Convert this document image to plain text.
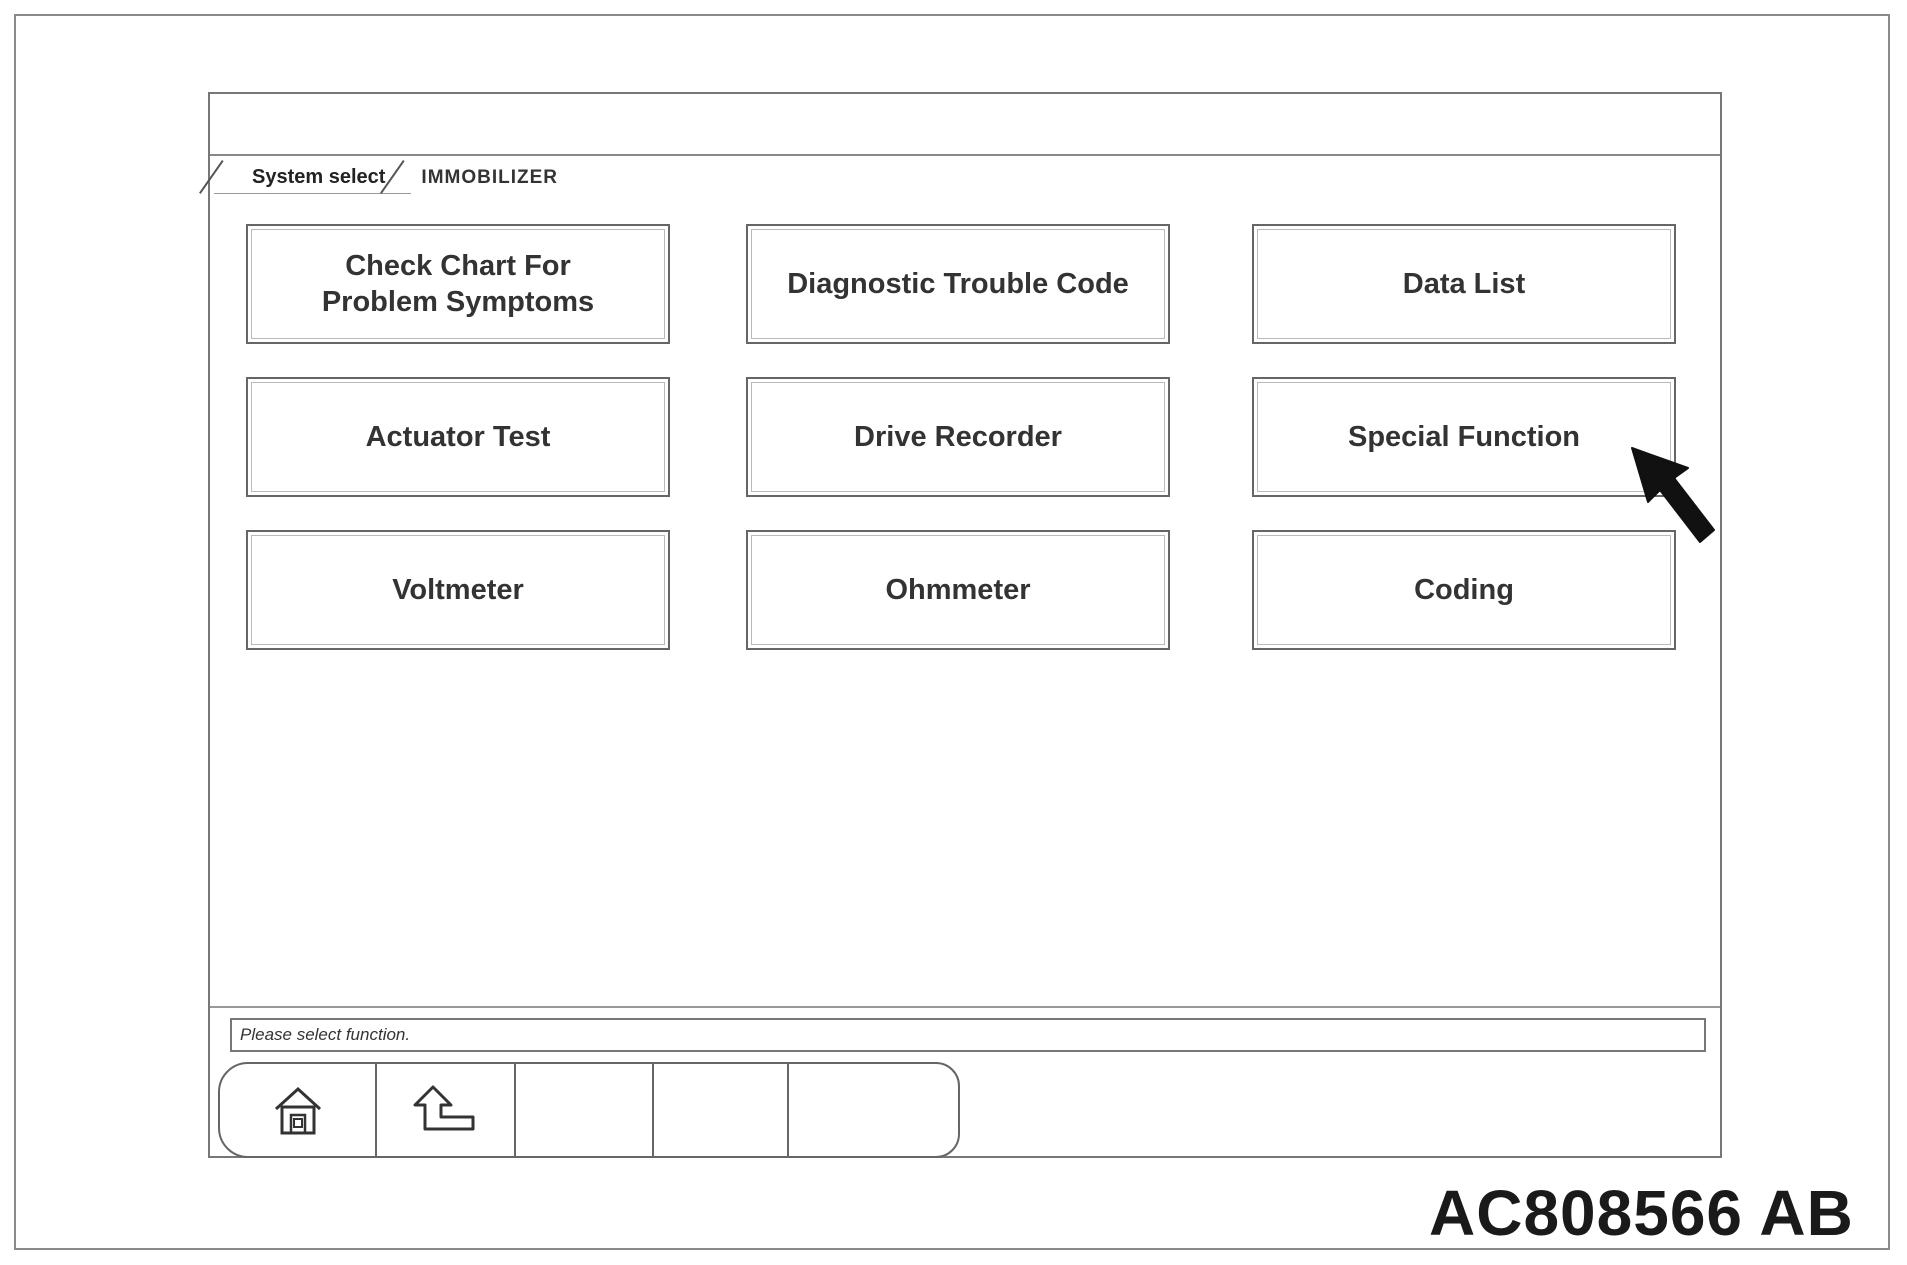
System select	IMMOBILIZER
Check Chart For
Problem Symptoms
Diagnostic Trouble Code	Data List
Actuator Test	Drive Recorder	Special Function
Voltmeter	Ohmmeter	Coding
Please select function.
AC808566 AB
